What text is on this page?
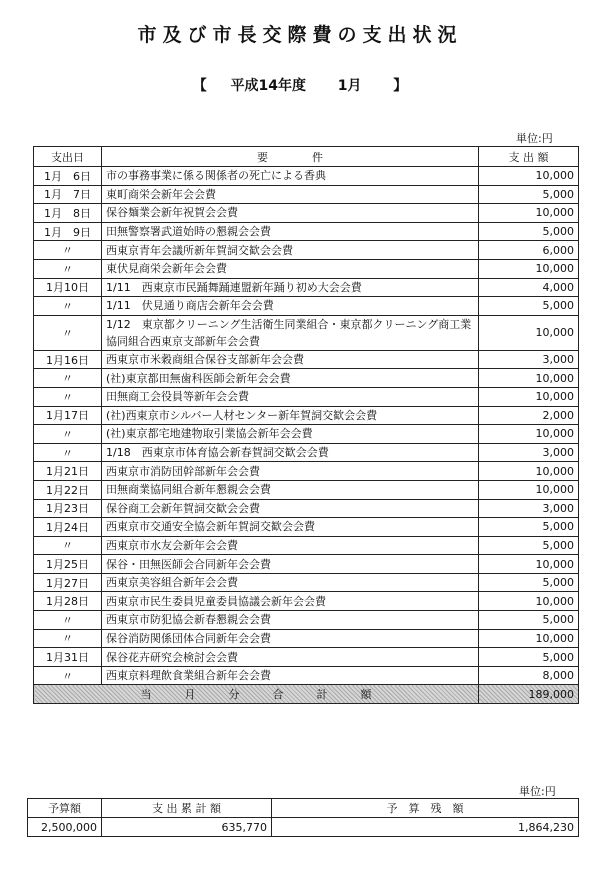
市及び市長交際費の支出状況
【 平成14年度 1月 】
単位:円
支出日	要　　　　件	支 出 額
1月　6日	市の事務事業に係る関係者の死亡による香典	10,000
1月　7日	東町商栄会新年会会費	5,000
1月　8日	保谷麺業会新年祝賀会会費	10,000
1月　9日	田無警察署武道始時の懇親会会費	5,000
〃	西東京青年会議所新年賀詞交歓会会費	6,000
〃	東伏見商栄会新年会会費	10,000
1月10日	1/11　西東京市民踊舞踊連盟新年踊り初め大会会費	4,000
〃	1/11　伏見通り商店会新年会会費	5,000
〃	1/12　東京都クリーニング生活衛生同業組合・東京都クリーニング商工業協同組合西東京支部新年会会費	10,000
1月16日	西東京市米穀商組合保谷支部新年会会費	3,000
〃	(社)東京都田無歯科医師会新年会会費	10,000
〃	田無商工会役員等新年会会費	10,000
1月17日	(社)西東京市シルバー人材センター新年賀詞交歓会会費	2,000
〃	(社)東京都宅地建物取引業協会新年会会費	10,000
〃	1/18　西東京市体育協会新春賀詞交歓会会費	3,000
1月21日	西東京市消防団幹部新年会会費	10,000
1月22日	田無商業協同組合新年懇親会会費	10,000
1月23日	保谷商工会新年賀詞交歓会会費	3,000
1月24日	西東京市交通安全協会新年賀詞交歓会会費	5,000
〃	西東京市水友会新年会会費	5,000
1月25日	保谷・田無医師会合同新年会会費	10,000
1月27日	西東京美容組合新年会会費	5,000
1月28日	西東京市民生委員児童委員協議会新年会会費	10,000
〃	西東京市防犯協会新春懇親会会費	5,000
〃	保谷消防関係団体合同新年会会費	10,000
1月31日	保谷花卉研究会検討会会費	5,000
〃	西東京料理飲食業組合新年会会費	8,000
当　　　月　　　分　　　合　　　計　　　額		189,000
単位:円
予算額	支 出 累 計 額	予　算　残　額
2,500,000	635,770	1,864,230
